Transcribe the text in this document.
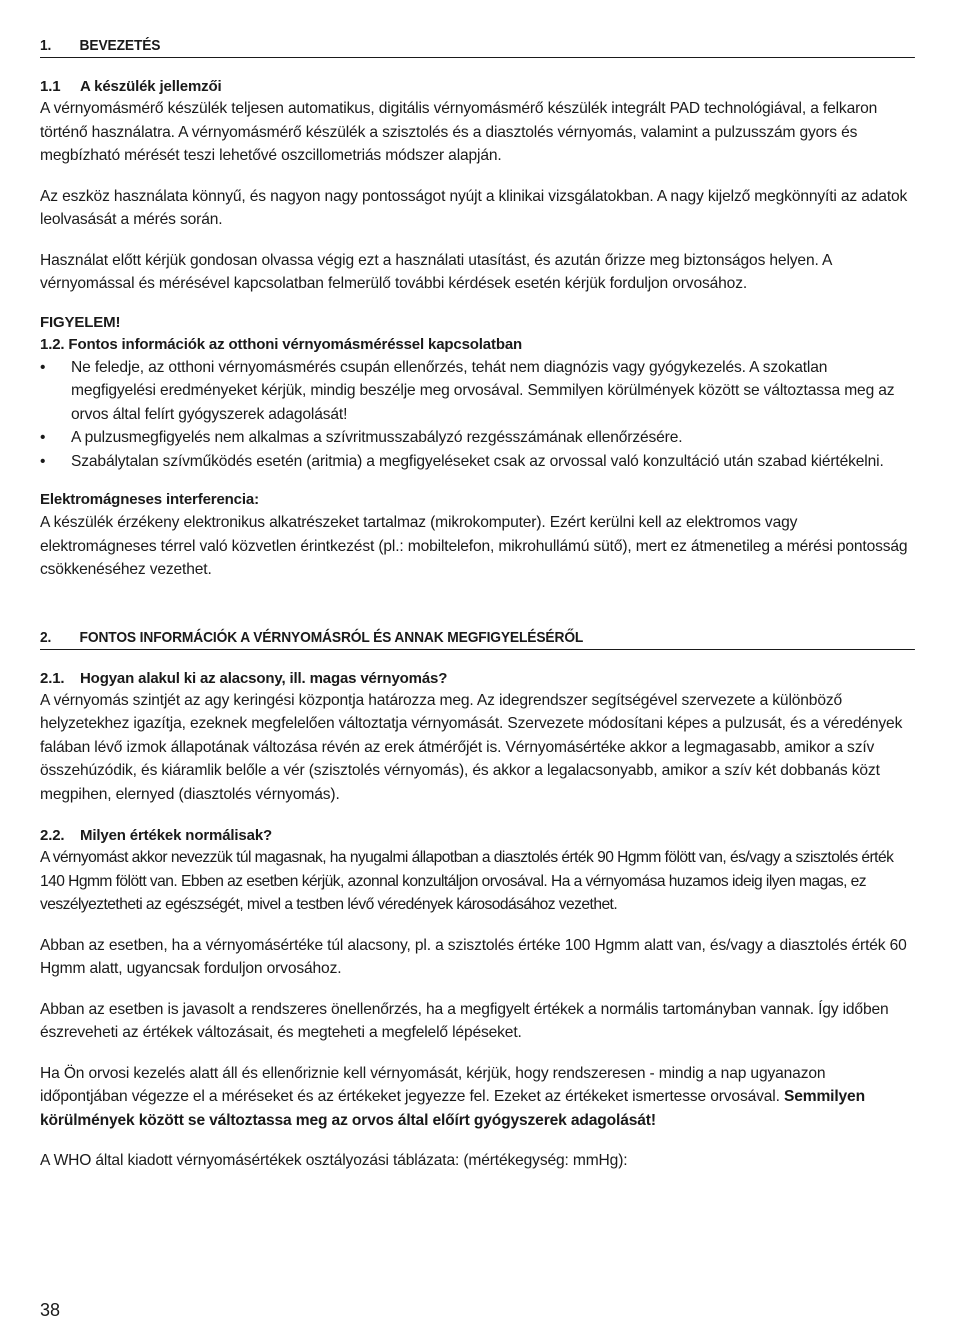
1.	BEVEZETÉS
1.1	A készülék jellemzői

A vérnyomásmérő készülék teljesen automatikus, digitális vérnyomásmérő készülék integrált PAD technológiával, a felkaron történő használatra. A vérnyomásmérő készülék a szisztolés és a diasztolés vérnyomás, valamint a pulzusszám gyors és megbízható mérését teszi lehetővé oszcillometriás módszer alapján.

Az eszköz használata könnyű, és nagyon nagy pontosságot nyújt a klinikai vizsgálatokban. A nagy kijelző megkönnyíti az adatok leolvasását a mérés során.

Használat előtt kérjük gondosan olvassa végig ezt a használati utasítást, és azután őrizze meg biztonságos helyen. A vérnyomással és mérésével kapcsolatban felmerülő további kérdések esetén kérjük forduljon orvosához.

FIGYELEM!
1.2. Fontos információk az otthoni vérnyomásméréssel kapcsolatban
• Ne feledje, az otthoni vérnyomásmérés csupán ellenőrzés, tehát nem diagnózis vagy gyógykezelés. A szokatlan megfigyelési eredményeket kérjük, mindig beszélje meg orvosával. Semmilyen körülmények között se változtassa meg az orvos által felírt gyógyszerek adagolását!
• A pulzusmegfigyelés nem alkalmas a szívritmusszabályzó rezgésszámának ellenőrzésére.
• Szabálytalan szívműködés esetén (aritmia) a megfigyeléseket csak az orvossal való konzultáció után szabad kiértékelni.
Elektromágneses interferencia:

A készülék érzékeny elektronikus alkatrészeket tartalmaz (mikrokomputer). Ezért kerülni kell az elektromos vagy elektromágneses térrel való közvetlen érintkezést (pl.: mobiltelefon, mikrohullámú sütő), mert ez átmenetileg a mérési pontosság csökkenéséhez vezethet.

2.	FONTOS INFORMÁCIÓK A VÉRNYOMÁSRÓL ÉS ANNAK MEGFIGYELÉSÉRŐL
2.1.	Hogyan alakul ki az alacsony, ill. magas vérnyomás?

A vérnyomás szintjét az agy keringési központja határozza meg. Az idegrendszer segítségével szervezete a különböző helyzetekhez igazítja, ezeknek megfelelően változtatja vérnyomását. Szervezete módosítani képes a pulzusát, és a véredények falában lévő izmok állapotának változása révén az erek átmérőjét is. Vérnyomásértéke akkor a legmagasabb, amikor a szív összehúzódik, és kiáramlik belőle a vér (szisztolés vérnyomás), és akkor a legalacsonyabb, amikor a szív két dobbanás közt megpihen, elernyed (diasztolés vérnyomás).

2.2.	Milyen értékek normálisak?

A vérnyomást akkor nevezzük túl magasnak, ha nyugalmi állapotban a diasztolés érték 90 Hgmm fölött van, és/vagy a szisztolés érték 140 Hgmm fölött van. Ebben az esetben kérjük, azonnal konzultáljon orvosával. Ha a vérnyomása huzamos ideig ilyen magas, ez veszélyeztetheti az egészségét, mivel a testben lévő véredények károsodásához vezethet.

Abban az esetben, ha a vérnyomásértéke túl alacsony, pl. a szisztolés értéke 100 Hgmm alatt van, és/vagy a diasztolés érték 60 Hgmm alatt, ugyancsak forduljon orvosához.

Abban az esetben is javasolt a rendszeres önellenőrzés, ha a megfigyelt értékek a normális tartományban vannak. Így időben észreveheti az értékek változásait, és megteheti a megfelelő lépéseket.

Ha Ön orvosi kezelés alatt áll és ellenőriznie kell vérnyomását, kérjük, hogy rendszeresen - mindig a nap ugyanazon időpontjában végezze el a méréseket és az értékeket jegyezze fel. Ezeket az értékeket ismertesse orvosával. Semmilyen körülmények között se változtassa meg az orvos által előírt gyógyszerek adagolását!

A WHO által kiadott vérnyomásértékek osztályozási táblázata: (mértékegység: mmHg):

38
